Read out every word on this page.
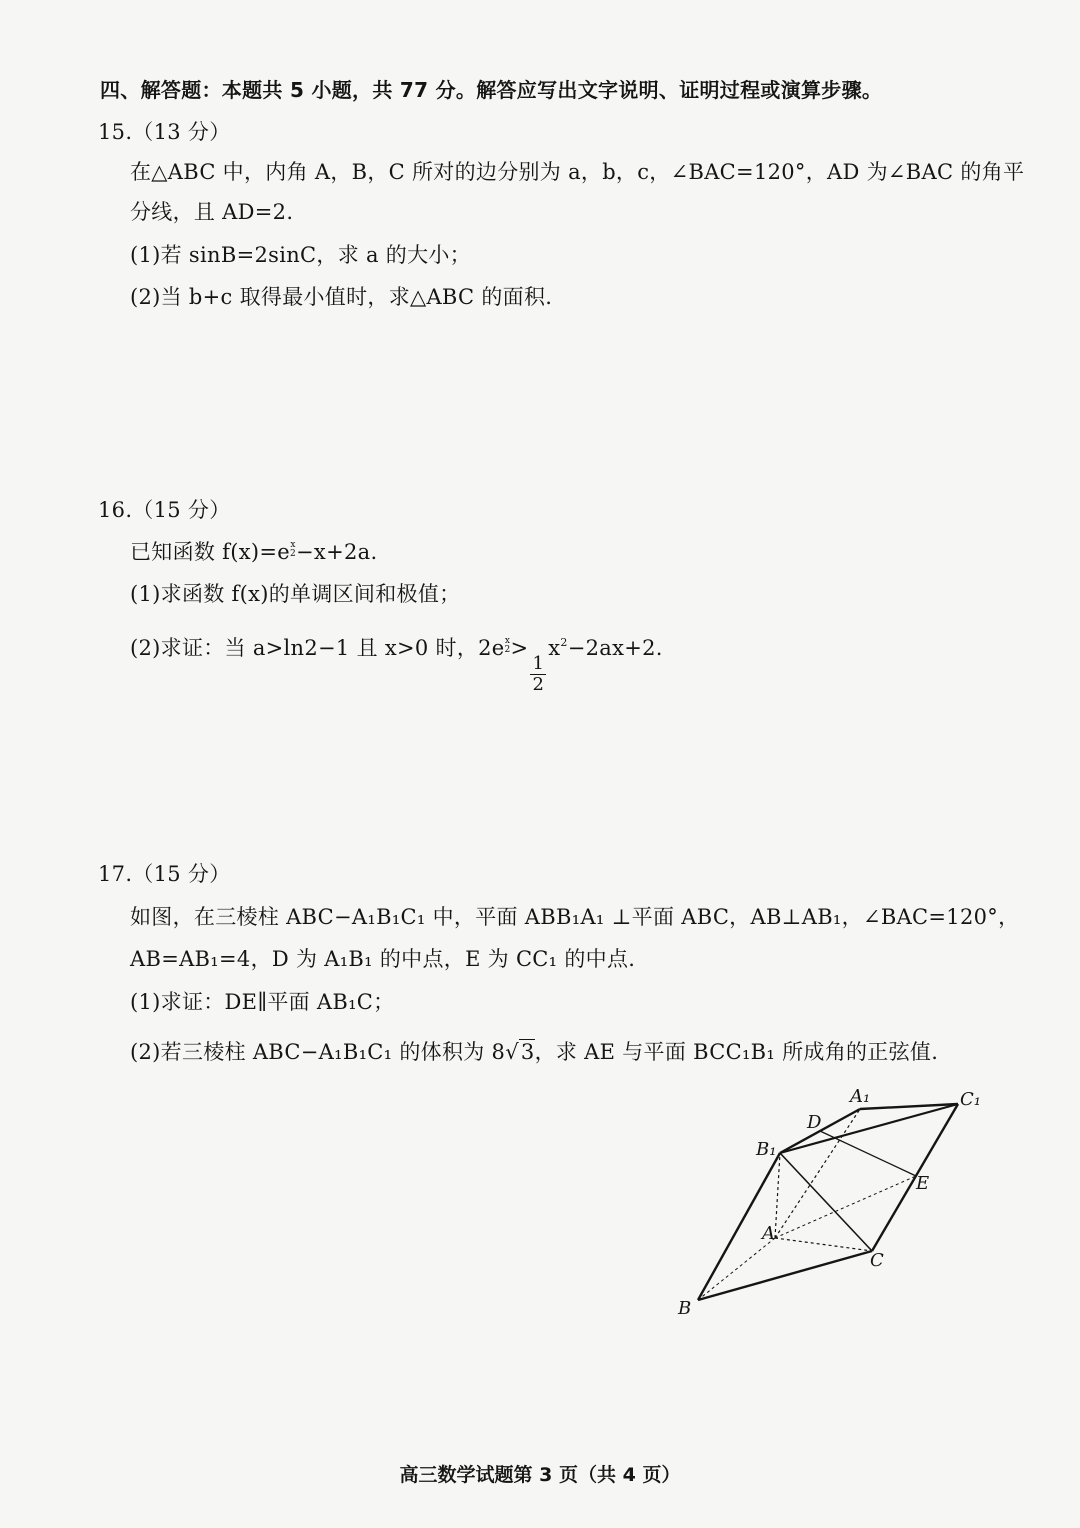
四、解答题：本题共 5 小题，共 77 分。解答应写出文字说明、证明过程或演算步骤。
15.（13 分）
在△ABC 中，内角 A，B，C 所对的边分别为 a，b，c，∠BAC=120°，AD 为∠BAC 的角平
分线，且 AD=2.
(1)若 sinB=2sinC，求 a 的大小；
(2)当 b+c 取得最小值时，求△ABC 的面积.
16.（15 分）
已知函数 f(x)=e x
2 −x+2a.
(1)求函数 f(x)的单调区间和极值；
(2)求证：当 a>ln2−1 且 x>0 时，2e x
2 >
$\frac{1}{2}$
$x^2-2ax+2$.
17.（15 分）
如图，在三棱柱 ABC−A₁B₁C₁ 中，平面 ABB₁A₁ ⊥平面 ABC，AB⊥AB₁，∠BAC=120°，
AB=AB₁=4，D 为 A₁B₁ 的中点，E 为 CC₁ 的中点.
(1)求证：DE∥平面 AB₁C；
(2)若三棱柱 ABC−A₁B₁C₁ 的体积为 8√3，求 AE 与平面 BCC₁B₁ 所成角的正弦值.
A₁	C₁
D
B₁
E
A
C
B
高三数学试题第 3 页（共 4 页）
